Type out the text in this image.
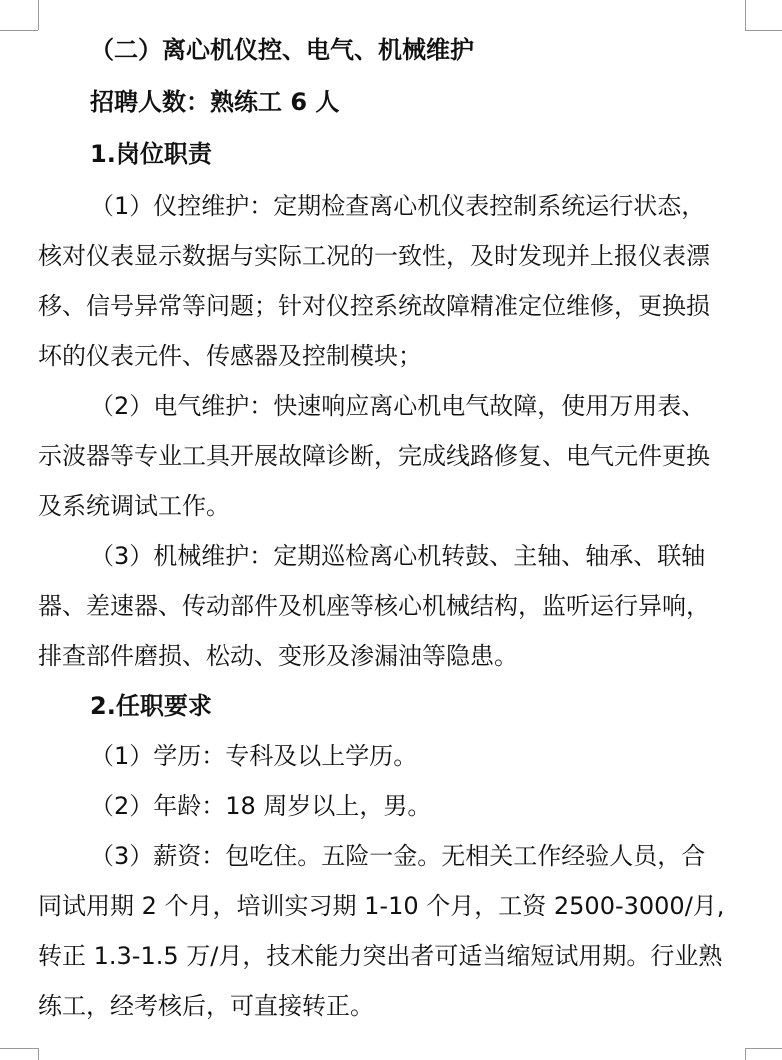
（二）离心机仪控、电气、机械维护
招聘人数：熟练工 6 人
1.岗位职责
（1）仪控维护：定期检查离心机仪表控制系统运行状态，
核对仪表显示数据与实际工况的一致性，及时发现并上报仪表漂
移、信号异常等问题；针对仪控系统故障精准定位维修，更换损
坏的仪表元件、传感器及控制模块；
（2）电气维护：快速响应离心机电气故障，使用万用表、
示波器等专业工具开展故障诊断，完成线路修复、电气元件更换
及系统调试工作。
（3）机械维护：定期巡检离心机转鼓、主轴、轴承、联轴
器、差速器、传动部件及机座等核心机械结构，监听运行异响，
排查部件磨损、松动、变形及渗漏油等隐患。
2.任职要求
（1）学历：专科及以上学历。
（2）年龄：18 周岁以上，男。
（3）薪资：包吃住。五险一金。无相关工作经验人员，合
同试用期 2 个月，培训实习期 1-10 个月，工资 2500-3000/月,
转正 1.3-1.5 万/月，技术能力突出者可适当缩短试用期。行业熟
练工，经考核后，可直接转正。
